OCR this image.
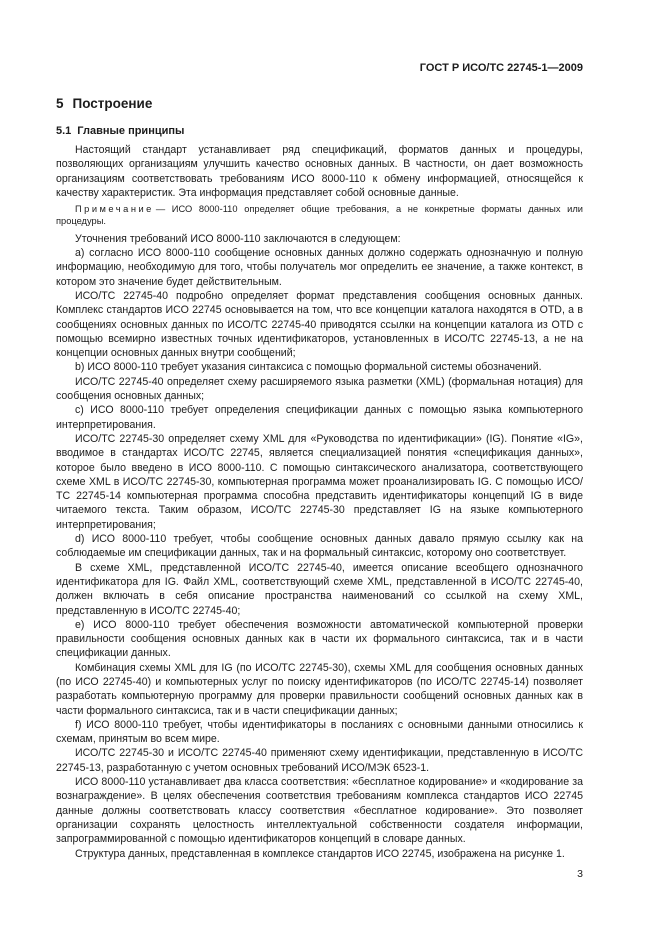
ГОСТ Р ИСО/ТС 22745-1—2009
5 Построение
5.1 Главные принципы

Настоящий стандарт устанавливает ряд спецификаций, форматов данных и процедуры, позволяющих организациям улучшить качество основных данных. В частности, он дает возможность организациям соответствовать требованиям ИСО 8000-110 к обмену информацией, относящейся к качеству характеристик. Эта информация представляет собой основные данные.

Примечание — ИСО 8000-110 определяет общие требования, а не конкретные форматы данных или процедуры.

Уточнения требований ИСО 8000-110 заключаются в следующем:

a) согласно ИСО 8000-110 сообщение основных данных должно содержать однозначную и полную информацию, необходимую для того, чтобы получатель мог определить ее значение, а также контекст, в котором это значение будет действительным.

ИСО/ТС 22745-40 подробно определяет формат представления сообщения основных данных. Комплекс стандартов ИСО 22745 основывается на том, что все концепции каталога находятся в OTD, а в сообщениях основных данных по ИСО/ТС 22745-40 приводятся ссылки на концепции каталога из OTD с помощью всемирно известных точных идентификаторов, установленных в ИСО/ТС 22745-13, а не на концепции основных данных внутри сообщений;

b) ИСО 8000-110 требует указания синтаксиса с помощью формальной системы обозначений.

ИСО/ТС 22745-40 определяет схему расширяемого языка разметки (XML) (формальная нотация) для сообщения основных данных;

c) ИСО 8000-110 требует определения спецификации данных с помощью языка компьютерного интерпретирования.

ИСО/ТС 22745-30 определяет схему XML для «Руководства по идентификации» (IG). Понятие «IG», вводимое в стандартах ИСО/ТС 22745, является специализацией понятия «спецификация данных», которое было введено в ИСО 8000-110. С помощью синтаксического анализатора, соответствующего схеме XML в ИСО/ТС 22745-30, компьютерная программа может проанализировать IG. С помощью ИСО/ТС 22745-14 компьютерная программа способна представить идентификаторы концепций IG в виде читаемого текста. Таким образом, ИСО/ТС 22745-30 представляет IG на языке компьютерного интерпретирования;

d) ИСО 8000-110 требует, чтобы сообщение основных данных давало прямую ссылку как на соблюдаемые им спецификации данных, так и на формальный синтаксис, которому оно соответствует.

В схеме XML, представленной ИСО/ТС 22745-40, имеется описание всеобщего однозначного идентификатора для IG. Файл XML, соответствующий схеме XML, представленной в ИСО/ТС 22745-40, должен включать в себя описание пространства наименований со ссылкой на схему XML, представленную в ИСО/ТС 22745-40;

e) ИСО 8000-110 требует обеспечения возможности автоматической компьютерной проверки правильности сообщения основных данных как в части их формального синтаксиса, так и в части спецификации данных.

Комбинация схемы XML для IG (по ИСО/ТС 22745-30), схемы XML для сообщения основных данных (по ИСО 22745-40) и компьютерных услуг по поиску идентификаторов (по ИСО/ТС 22745-14) позволяет разработать компьютерную программу для проверки правильности сообщений основных данных как в части формального синтаксиса, так и в части спецификации данных;

f) ИСО 8000-110 требует, чтобы идентификаторы в посланиях с основными данными относились к схемам, принятым во всем мире.

ИСО/ТС 22745-30 и ИСО/ТС 22745-40 применяют схему идентификации, представленную в ИСО/ТС 22745-13, разработанную с учетом основных требований ИСО/МЭК 6523-1.

ИСО 8000-110 устанавливает два класса соответствия: «бесплатное кодирование» и «кодирование за вознаграждение». В целях обеспечения соответствия требованиям комплекса стандартов ИСО 22745 данные должны соответствовать классу соответствия «бесплатное кодирование». Это позволяет организации сохранять целостность интеллектуальной собственности создателя информации, запрограммированной с помощью идентификаторов концепций в словаре данных.

Структура данных, представленная в комплексе стандартов ИСО 22745, изображена на рисунке 1.

3
